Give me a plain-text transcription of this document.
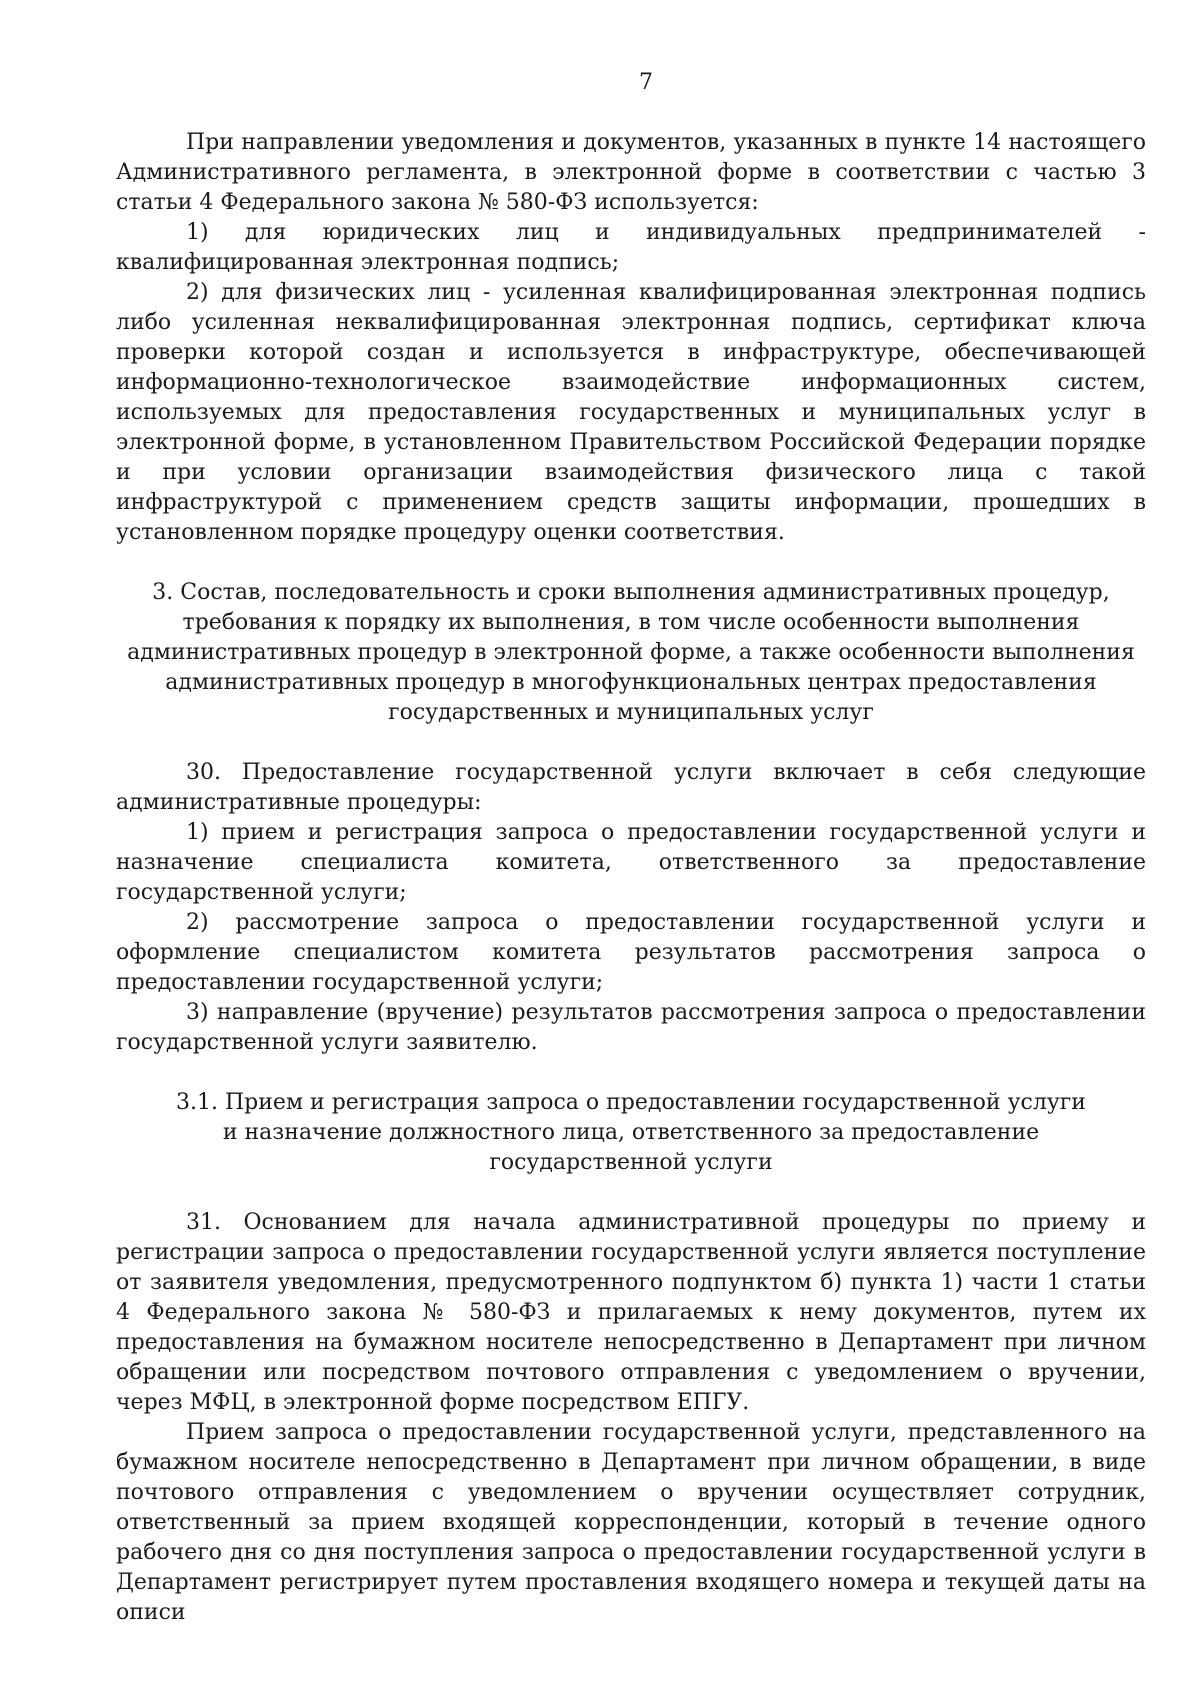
7

При направлении уведомления и документов, указанных в пункте 14 настоящего Административного регламента, в электронной форме в соответствии с частью 3 статьи 4 Федерального закона № 580-ФЗ используется:

1) для юридических лиц и индивидуальных предпринимателей - квалифицированная электронная подпись;

2) для физических лиц - усиленная квалифицированная электронная подпись либо усиленная неквалифицированная электронная подпись, сертификат ключа проверки которой создан и используется в инфраструктуре, обеспечивающей информационно-технологическое взаимодействие информационных систем, используемых для предоставления государственных и муниципальных услуг в электронной форме, в установленном Правительством Российской Федерации порядке и при условии организации взаимодействия физического лица с такой инфраструктурой с применением средств защиты информации, прошедших в установленном порядке процедуру оценки соответствия.

3. Состав, последовательность и сроки выполнения административных процедур,
требования к порядку их выполнения, в том числе особенности выполнения
административных процедур в электронной форме, а также особенности выполнения
административных процедур в многофункциональных центрах предоставления
государственных и муниципальных услуг

30. Предоставление государственной услуги включает в себя следующие административные процедуры:

1) прием и регистрация запроса о предоставлении государственной услуги и назначение специалиста комитета, ответственного за предоставление государственной услуги;

2) рассмотрение запроса о предоставлении государственной услуги и оформление специалистом комитета результатов рассмотрения запроса о предоставлении государственной услуги;

3) направление (вручение) результатов рассмотрения запроса о предоставлении государственной услуги заявителю.

3.1. Прием и регистрация запроса о предоставлении государственной услуги
и назначение должностного лица, ответственного за предоставление
государственной услуги

31. Основанием для начала административной процедуры по приему и регистрации запроса о предоставлении государственной услуги является поступление от заявителя уведомления, предусмотренного подпунктом б) пункта 1) части 1 статьи 4 Федерального закона № 580-ФЗ и прилагаемых к нему документов, путем их предоставления на бумажном носителе непосредственно в Департамент при личном обращении или посредством почтового отправления с уведомлением о вручении, через МФЦ, в электронной форме посредством ЕПГУ.

Прием запроса о предоставлении государственной услуги, представленного на бумажном носителе непосредственно в Департамент при личном обращении, в виде почтового отправления с уведомлением о вручении осуществляет сотрудник, ответственный за прием входящей корреспонденции, который в течение одного рабочего дня со дня поступления запроса о предоставлении государственной услуги в Департамент регистрирует путем проставления входящего номера и текущей даты на описи
